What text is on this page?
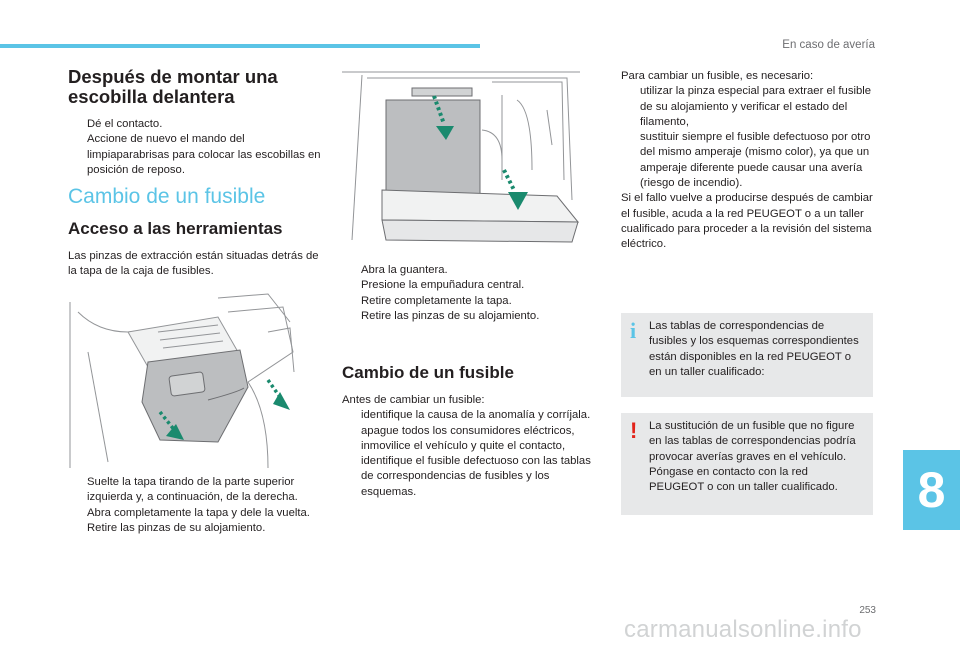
En caso de avería
Después de montar una escobilla delantera
Dé el contacto.
Accione de nuevo el mando del limpiaparabrisas para colocar las escobillas en posición de reposo.
Cambio de un fusible
Acceso a las herramientas
Las pinzas de extracción están situadas detrás de la tapa de la caja de fusibles.
Suelte la tapa tirando de la parte superior izquierda y, a continuación, de la derecha.
Abra completamente la tapa y dele la vuelta.
Retire las pinzas de su alojamiento.
Abra la guantera.
Presione la empuñadura central.
Retire completamente la tapa.
Retire las pinzas de su alojamiento.
Cambio de un fusible
Antes de cambiar un fusible:
identifique la causa de la anomalía y corríjala.
apague todos los consumidores eléctricos,
inmovilice el vehículo y quite el contacto,
identifique el fusible defectuoso con las tablas de correspondencias de fusibles y los esquemas.
Para cambiar un fusible, es necesario:
utilizar la pinza especial para extraer el fusible de su alojamiento y verificar el estado del filamento,
sustituir siempre el fusible defectuoso por otro del mismo amperaje (mismo color), ya que un amperaje diferente puede causar una avería (riesgo de incendio).
Si el fallo vuelve a producirse después de cambiar el fusible, acuda a la red PEUGEOT o a un taller cualificado para proceder a la revisión del sistema eléctrico.
i Las tablas de correspondencias de fusibles y los esquemas correspondientes están disponibles en la red PEUGEOT o en un taller cualificado:
! La sustitución de un fusible que no figure en las tablas de correspondencias podría provocar averías graves en el vehículo. Póngase en contacto con la red PEUGEOT o con un taller cualificado.	8
253
carmanualsonline.info
